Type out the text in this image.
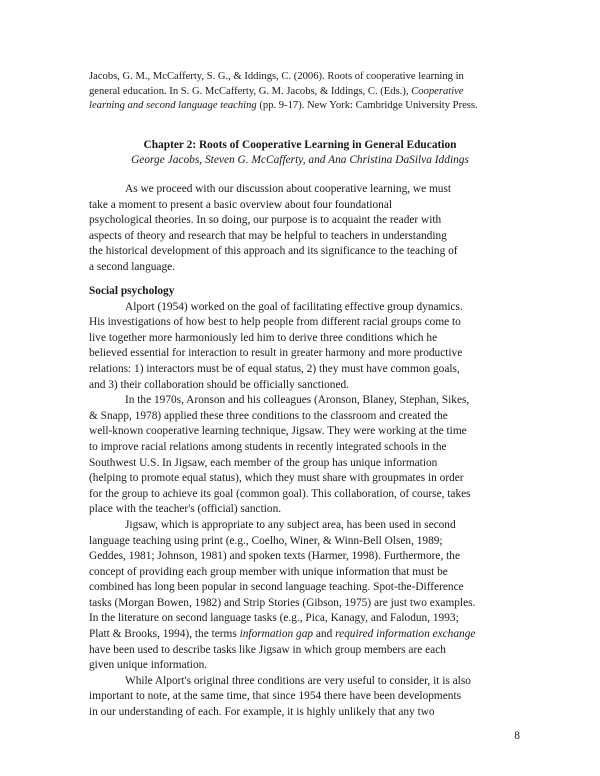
Jacobs, G. M., McCafferty, S. G., & Iddings, C. (2006). Roots of cooperative learning in
general education. In S. G. McCafferty, G. M. Jacobs, & Iddings, C. (Eds.), Cooperative
learning and second language teaching (pp. 9-17). New York: Cambridge University Press.
Chapter 2: Roots of Cooperative Learning in General Education
George Jacobs, Steven G. McCafferty, and Ana Christina DaSilva Iddings
As we proceed with our discussion about cooperative learning, we must
take a moment to present a basic overview about four foundational
psychological theories. In so doing, our purpose is to acquaint the reader with
aspects of theory and research that may be helpful to teachers in understanding
the historical development of this approach and its significance to the teaching of
a second language.
Social psychology
Alport (1954) worked on the goal of facilitating effective group dynamics.
His investigations of how best to help people from different racial groups come to
live together more harmoniously led him to derive three conditions which he
believed essential for interaction to result in greater harmony and more productive
relations: 1) interactors must be of equal status, 2) they must have common goals,
and 3) their collaboration should be officially sanctioned.
In the 1970s, Aronson and his colleagues (Aronson, Blaney, Stephan, Sikes,
& Snapp, 1978) applied these three conditions to the classroom and created the
well-known cooperative learning technique, Jigsaw. They were working at the time
to improve racial relations among students in recently integrated schools in the
Southwest U.S. In Jigsaw, each member of the group has unique information
(helping to promote equal status), which they must share with groupmates in order
for the group to achieve its goal (common goal). This collaboration, of course, takes
place with the teacher's (official) sanction.
Jigsaw, which is appropriate to any subject area, has been used in second
language teaching using print (e.g., Coelho, Winer, & Winn-Bell Olsen, 1989;
Geddes, 1981; Johnson, 1981) and spoken texts (Harmer, 1998). Furthermore, the
concept of providing each group member with unique information that must be
combined has long been popular in second language teaching. Spot-the-Difference
tasks (Morgan Bowen, 1982) and Strip Stories (Gibson, 1975) are just two examples.
In the literature on second language tasks (e.g., Pica, Kanagy, and Falodun, 1993;
Platt & Brooks, 1994), the terms information gap and required information exchange
have been used to describe tasks like Jigsaw in which group members are each
given unique information.
While Alport's original three conditions are very useful to consider, it is also
important to note, at the same time, that since 1954 there have been developments
in our understanding of each. For example, it is highly unlikely that any two
8
